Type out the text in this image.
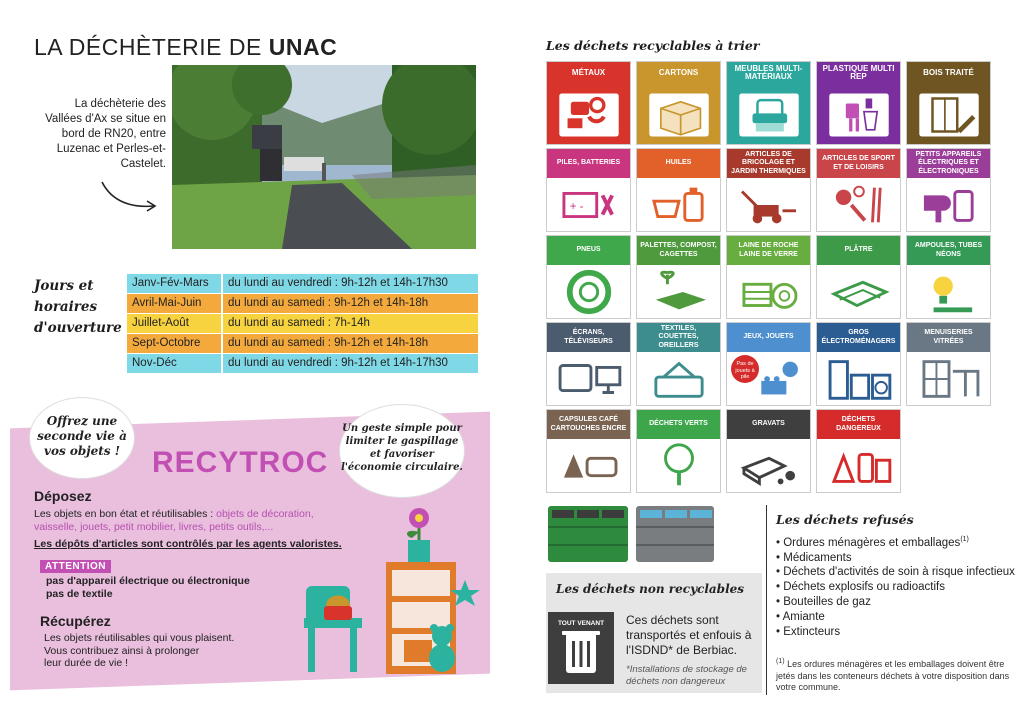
LA DÉCHÈTERIE DE UNAC
La déchèterie des Vallées d'Ax se situe en bord de RN20, entre Luzenac et Perles-et-Castelet.
Jours et horaires d'ouverture
Janv-Fév-Mars	du lundi au vendredi : 9h-12h et 14h-17h30
Avril-Mai-Juin	du lundi au samedi : 9h-12h et 14h-18h
Juillet-Août	du lundi au samedi : 7h-14h
Sept-Octobre	du lundi au samedi : 9h-12h et 14h-18h
Nov-Déc	du lundi au vendredi : 9h-12h et 14h-17h30
Offrez une seconde vie à vos objets !
Un geste simple pour limiter le gaspillage et favoriser l'économie circulaire.
RECYTROC
Déposez
Les objets en bon état et réutilisables : objets de décoration, vaisselle, jouets, petit mobilier, livres, petits outils,...
Les dépôts d'articles sont contrôlés par les agents valoristes.
ATTENTION
pas d'appareil électrique ou électronique
pas de textile
Récupérez
Les objets réutilisables qui vous plaisent.
Vous contribuez ainsi à prolonger
leur durée de vie !
Les déchets recyclables à trier
MÉTAUX	CARTONS	MEUBLES MULTI-MATÉRIAUX
PLASTIQUE MULTI REP	BOIS TRAITÉ
PILES, BATTERIES
+ -
HUILES
ARTICLES DE BRICOLAGE ET JARDIN THERMIQUES
ARTICLES DE SPORT ET DE LOISIRS
PETITS APPAREILS ÉLECTRIQUES ET ÉLECTRONIQUES
PNEUS
PALETTES, COMPOST, CAGETTES
LAINE DE ROCHE LAINE DE VERRE
PLÂTRE
AMPOULES, TUBES NÉONS
ÉCRANS, TÉLÉVISEURS
TEXTILES, COUETTES, OREILLERS
JEUX, JOUETS
Pas de jouets à pile
GROS ÉLECTROMÉNAGERS
MENUISERIES VITRÉES
CAPSULES CAFÉ CARTOUCHES ENCRE
DÉCHETS VERTS	GRAVATS
DÉCHETS DANGEREUX
Les déchets non recyclables
TOUT VENANT	Ces déchets sont transportés et enfouis à l'ISDND* de Berbiac.
*Installations de stockage de déchets non dangereux
Les déchets refusés
• Ordures ménagères et emballages$^{(1)}$
• Médicaments
• Déchets d'activités de soin à risque infectieux
• Déchets explosifs ou radioactifs
• Bouteilles de gaz
• Amiante
• Extincteurs
$^{(1)}$ Les ordures ménagères et les emballages doivent être jetés dans les conteneurs déchets à votre disposition dans votre commune.
